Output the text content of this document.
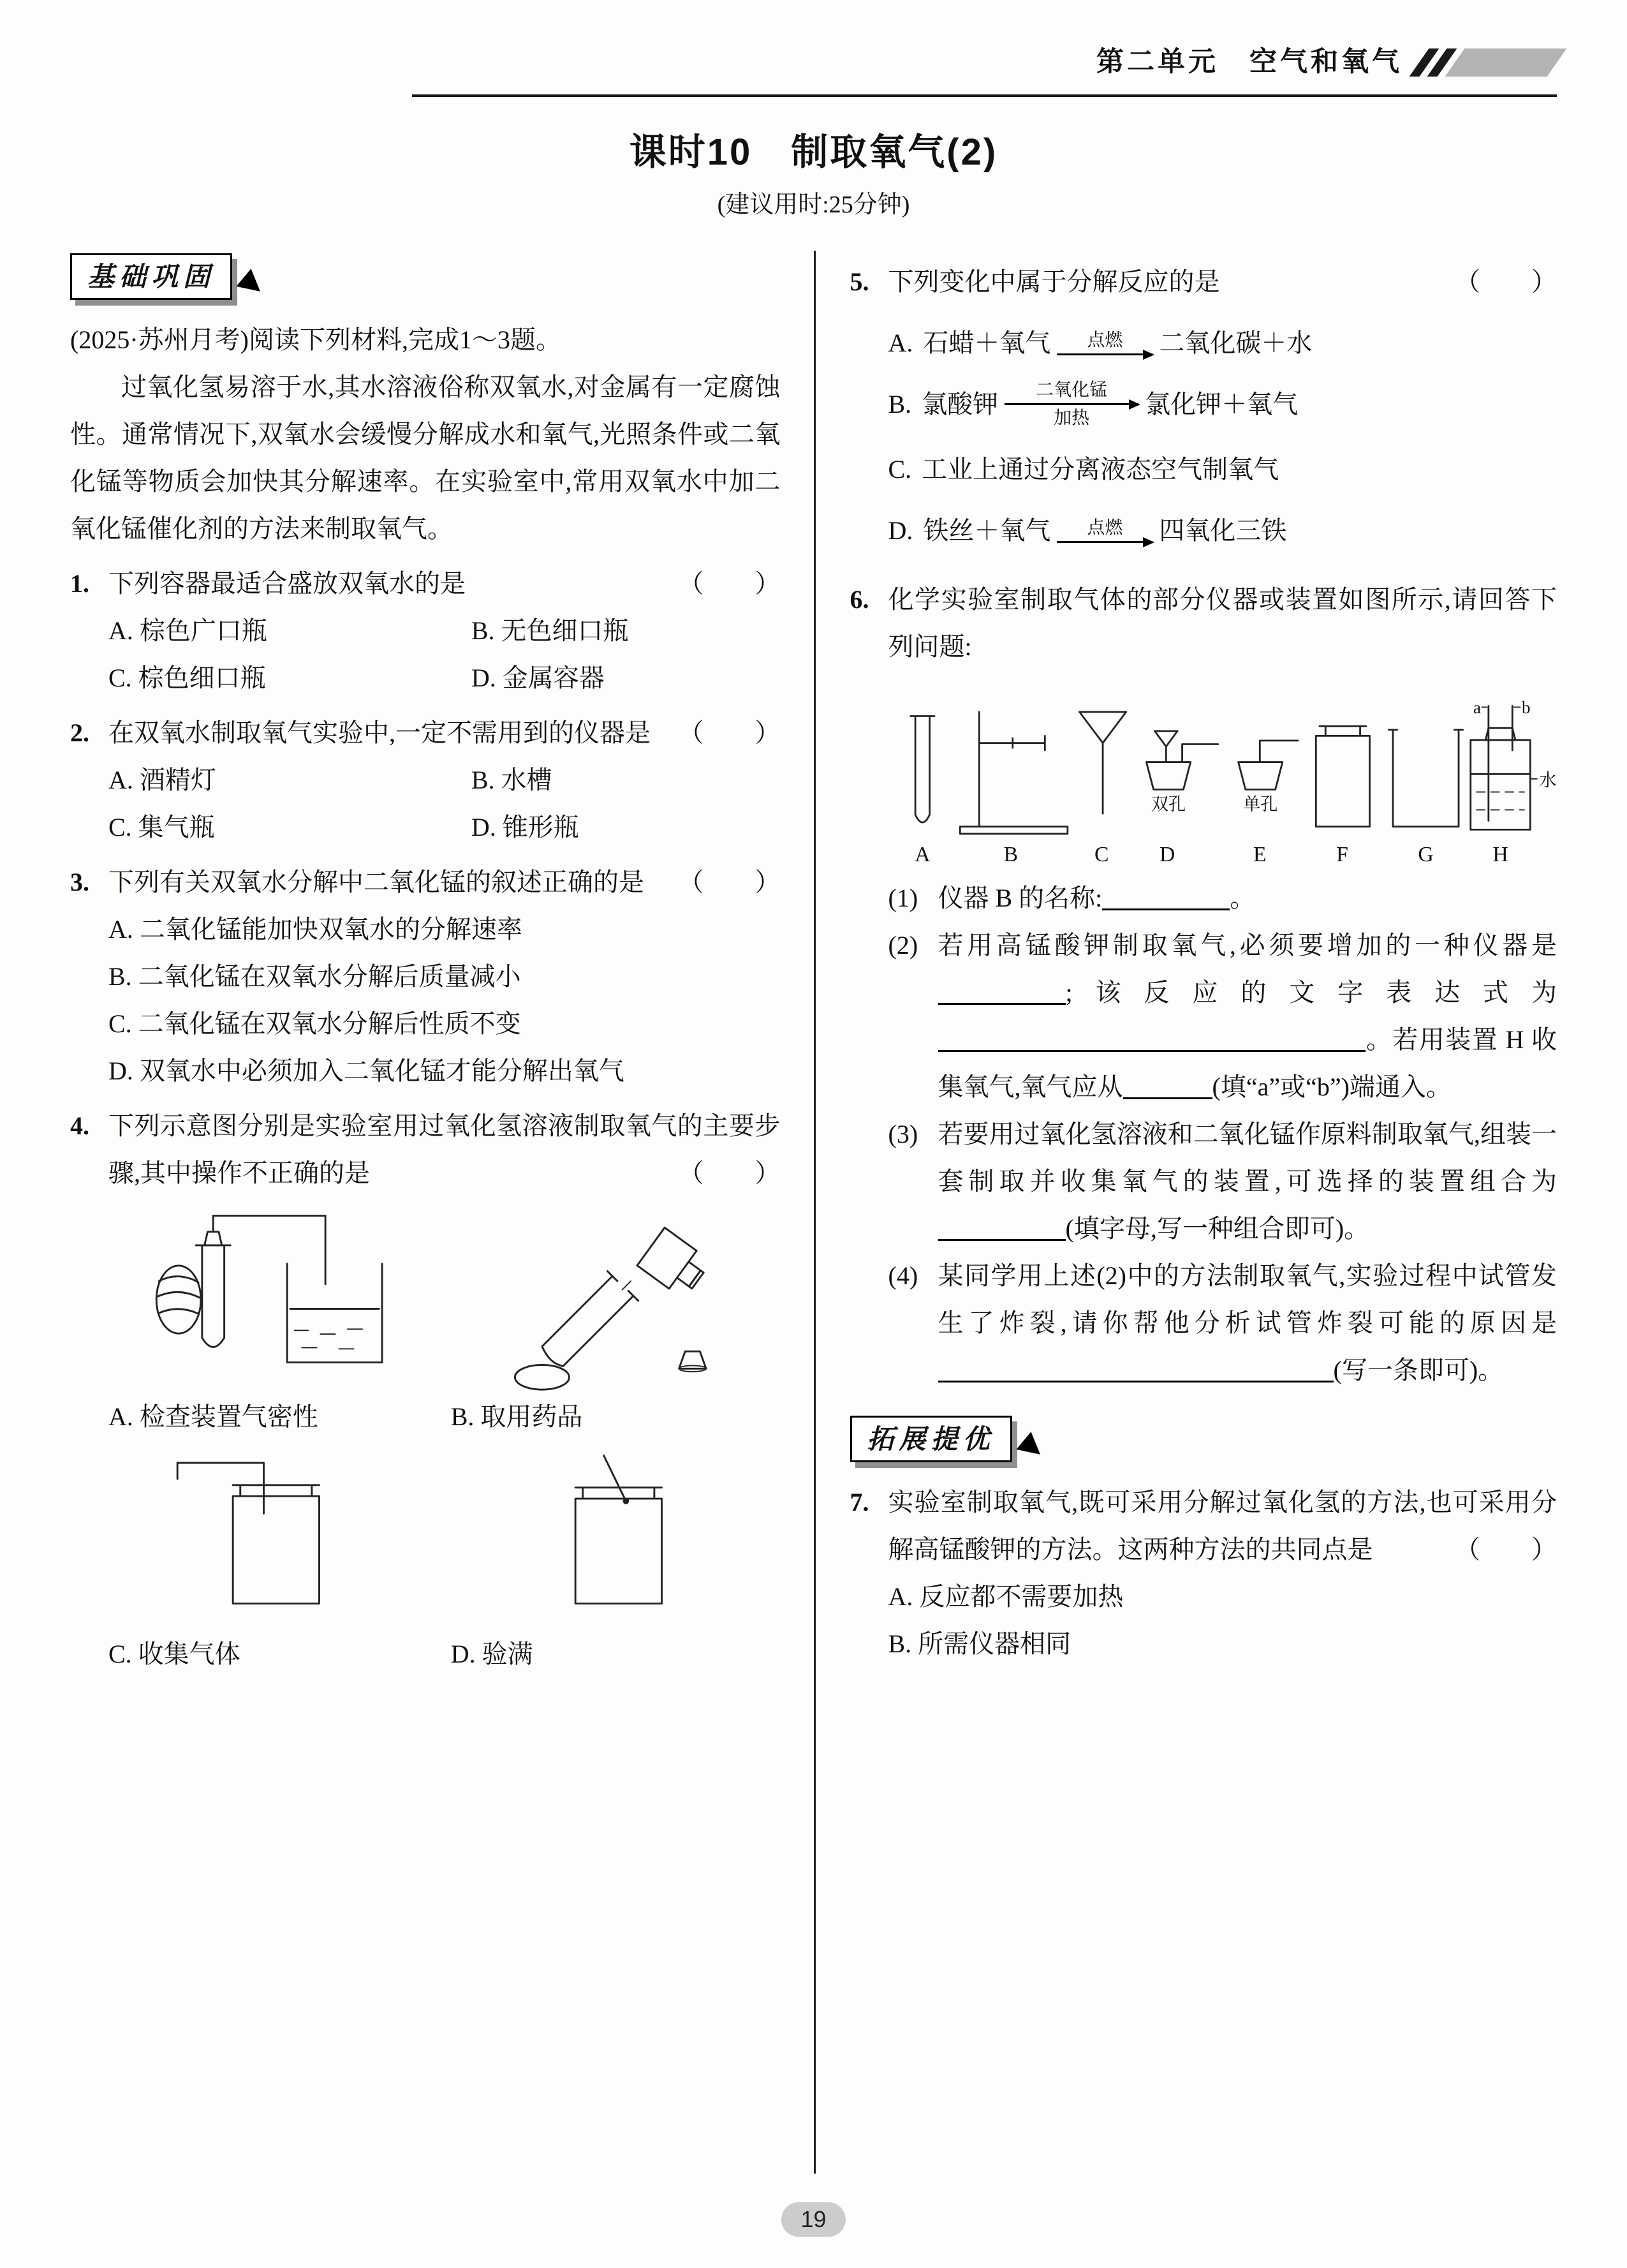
第二单元　空气和氧气
课时10　制取氧气(2)
(建议用时:25分钟)
基础巩固

(2025·苏州月考)阅读下列材料,完成1～3题。

过氧化氢易溶于水,其水溶液俗称双氧水,对金属有一定腐蚀性。通常情况下,双氧水会缓慢分解成水和氧气,光照条件或二氧化锰等物质会加快其分解速率。在实验室中,常用双氧水中加二氧化锰催化剂的方法来制取氧气。

1. 下列容器最适合盛放双氧水的是	（　　）
A. 棕色广口瓶	B. 无色细口瓶
C. 棕色细口瓶	D. 金属容器
2. 在双氧水制取氧气实验中,一定不需用到的仪器是 （　　）
A. 酒精灯	B. 水槽
C. 集气瓶	D. 锥形瓶
3. 下列有关双氧水分解中二氧化锰的叙述正确的是 （　　）
A. 二氧化锰能加快双氧水的分解速率
B. 二氧化锰在双氧水分解后质量减小
C. 二氧化锰在双氧水分解后性质不变
D. 双氧水中必须加入二氧化锰才能分解出氧气
4. 下列示意图分别是实验室用过氧化氢溶液制取氧气的主要步骤,其中操作不正确的是	（　　）
A. 检查装置气密性	B. 取用药品
C. 收集气体	D. 验满
5. 下列变化中属于分解反应的是	（　　）
A. 石蜡＋氧气 点燃 二氧化碳＋水
B. 氯酸钾 二氧化锰
加热 氯化钾＋氧气
C. 工业上通过分离液态空气制氧气
D. 铁丝＋氧气 点燃 四氧化三铁
6. 化学实验室制取气体的部分仪器或装置如图所示,请回答下列问题:
a b
水
双孔	单孔
A	B	C D	E	F	G	H
(1) 仪器 B 的名称:	。
(2) 若用高锰酸钾制取氧气,必须要增加的一种仪器是;该反应的文字表达式为。若用装置 H 收集氧气,氧气应从	(填“a”或“b”)端通入。
(3) 若要用过氧化氢溶液和二氧化锰作原料制取氧气,组装一套制取并收集氧气的装置,可选择的装置组合为(填字母,写一种组合即可)。
(4) 某同学用上述(2)中的方法制取氧气,实验过程中试管发生了炸裂,请你帮他分析试管炸裂可能的原因是(写一条即可)。
拓展提优
7. 实验室制取氧气,既可采用分解过氧化氢的方法,也可采用分解高锰酸钾的方法。这两种方法的共同点是	（　　）
A. 反应都不需要加热
B. 所需仪器相同
19
